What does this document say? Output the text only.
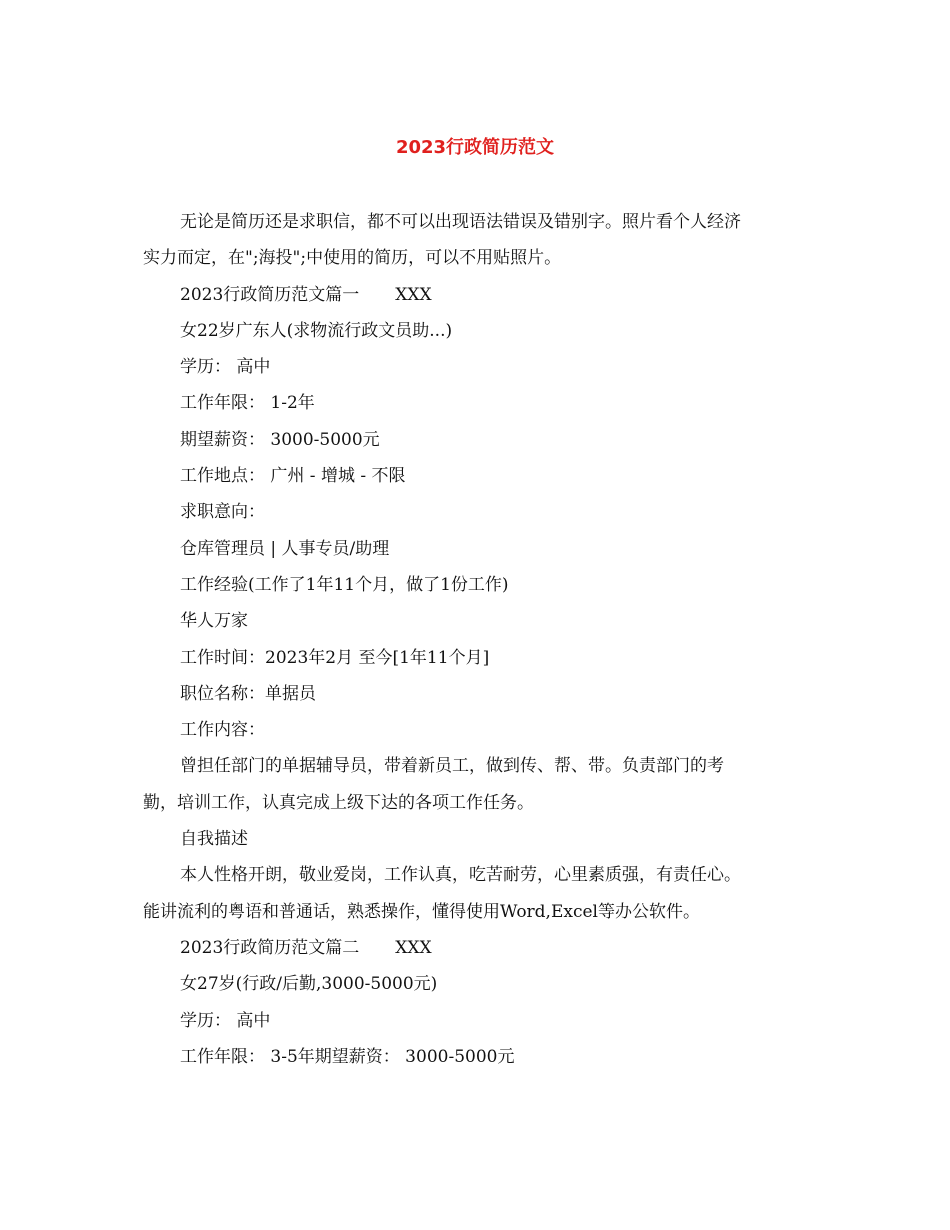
2023行政简历范文
无论是简历还是求职信，都不可以出现语法错误及错别字。照片看个人经济
实力而定，在";海投";中使用的简历，可以不用贴照片。
2023行政简历范文篇一 XXX
女22岁广东人(求物流行政文员助...)
学历： 高中
工作年限： 1-2年
期望薪资： 3000-5000元
工作地点： 广州 - 增城 - 不限
求职意向：
仓库管理员 | 人事专员/助理
工作经验(工作了1年11个月，做了1份工作)
华人万家
工作时间：2023年2月 至今[1年11个月]
职位名称：单据员
工作内容：
曾担任部门的单据辅导员，带着新员工，做到传、帮、带。负责部门的考
勤，培训工作，认真完成上级下达的各项工作任务。
自我描述
本人性格开朗，敬业爱岗，工作认真，吃苦耐劳，心里素质强，有责任心。
能讲流利的粤语和普通话，熟悉操作，懂得使用Word,Excel等办公软件。
2023行政简历范文篇二 XXX
女27岁(行政/后勤,3000-5000元)
学历： 高中
工作年限： 3-5年期望薪资： 3000-5000元
